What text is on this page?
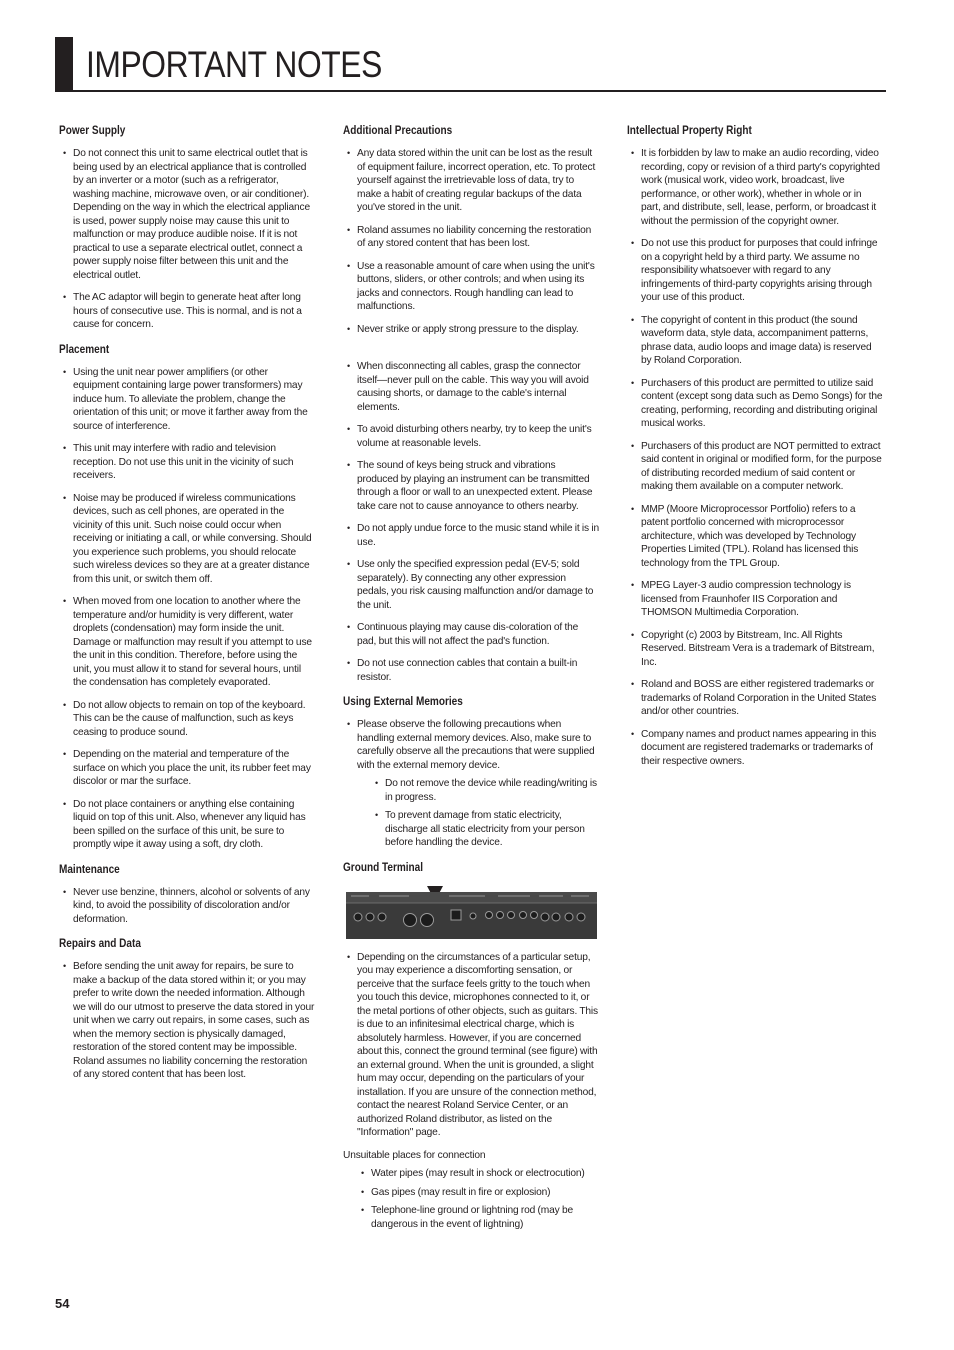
IMPORTANT NOTES
Power Supply
• Do not connect this unit to same electrical outlet that is being used by an electrical appliance that is controlled by an inverter or a motor (such as a refrigerator, washing machine, microwave oven, or air conditioner). Depending on the way in which the electrical appliance is used, power supply noise may cause this unit to malfunction or may produce audible noise. If it is not practical to use a separate electrical outlet, connect a power supply noise filter between this unit and the electrical outlet.
• The AC adaptor will begin to generate heat after long hours of consecutive use. This is normal, and is not a cause for concern.
Placement
• Using the unit near power amplifiers (or other equipment containing large power transformers) may induce hum. To alleviate the problem, change the orientation of this unit; or move it farther away from the source of interference.
• This unit may interfere with radio and television reception. Do not use this unit in the vicinity of such receivers.
• Noise may be produced if wireless communications devices, such as cell phones, are operated in the vicinity of this unit. Such noise could occur when receiving or initiating a call, or while conversing. Should you experience such problems, you should relocate such wireless devices so they are at a greater distance from this unit, or switch them off.
• When moved from one location to another where the temperature and/or humidity is very different, water droplets (condensation) may form inside the unit. Damage or malfunction may result if you attempt to use the unit in this condition. Therefore, before using the unit, you must allow it to stand for several hours, until the condensation has completely evaporated.
• Do not allow objects to remain on top of the keyboard. This can be the cause of malfunction, such as keys ceasing to produce sound.
• Depending on the material and temperature of the surface on which you place the unit, its rubber feet may discolor or mar the surface.
• Do not place containers or anything else containing liquid on top of this unit. Also, whenever any liquid has been spilled on the surface of this unit, be sure to promptly wipe it away using a soft, dry cloth.
Maintenance
• Never use benzine, thinners, alcohol or solvents of any kind, to avoid the possibility of discoloration and/or deformation.
Repairs and Data
• Before sending the unit away for repairs, be sure to make a backup of the data stored within it; or you may prefer to write down the needed information. Although we will do our utmost to preserve the data stored in your unit when we carry out repairs, in some cases, such as when the memory section is physically damaged, restoration of the stored content may be impossible. Roland assumes no liability concerning the restoration of any stored content that has been lost.
Additional Precautions
• Any data stored within the unit can be lost as the result of equipment failure, incorrect operation, etc. To protect yourself against the irretrievable loss of data, try to make a habit of creating regular backups of the data you've stored in the unit.
• Roland assumes no liability concerning the restoration of any stored content that has been lost.
• Use a reasonable amount of care when using the unit's buttons, sliders, or other controls; and when using its jacks and connectors. Rough handling can lead to malfunctions.
• Never strike or apply strong pressure to the display.
• When disconnecting all cables, grasp the connector itself—never pull on the cable. This way you will avoid causing shorts, or damage to the cable's internal elements.
• To avoid disturbing others nearby, try to keep the unit's volume at reasonable levels.
• The sound of keys being struck and vibrations produced by playing an instrument can be transmitted through a floor or wall to an unexpected extent. Please take care not to cause annoyance to others nearby.
• Do not apply undue force to the music stand while it is in use.
• Use only the specified expression pedal (EV-5; sold separately). By connecting any other expression pedals, you risk causing malfunction and/or damage to the unit.
• Continuous playing may cause dis-coloration of the pad, but this will not affect the pad's function.
• Do not use connection cables that contain a built-in resistor.
Using External Memories
• Please observe the following precautions when handling external memory devices. Also, make sure to carefully observe all the precautions that were supplied with the external memory device.
• Do not remove the device while reading/writing is in progress.
• To prevent damage from static electricity, discharge all static electricity from your person before handling the device.
Ground Terminal
• Depending on the circumstances of a particular setup, you may experience a discomforting sensation, or perceive that the surface feels gritty to the touch when you touch this device, microphones connected to it, or the metal portions of other objects, such as guitars. This is due to an infinitesimal electrical charge, which is absolutely harmless. However, if you are concerned about this, connect the ground terminal (see figure) with an external ground. When the unit is grounded, a slight hum may occur, depending on the particulars of your installation. If you are unsure of the connection method, contact the nearest Roland Service Center, or an authorized Roland distributor, as listed on the "Information" page.

Unsuitable places for connection

• Water pipes (may result in shock or electrocution)
• Gas pipes (may result in fire or explosion)
• Telephone-line ground or lightning rod (may be dangerous in the event of lightning)
Intellectual Property Right
• It is forbidden by law to make an audio recording, video recording, copy or revision of a third party's copyrighted work (musical work, video work, broadcast, live performance, or other work), whether in whole or in part, and distribute, sell, lease, perform, or broadcast it without the permission of the copyright owner.
• Do not use this product for purposes that could infringe on a copyright held by a third party. We assume no responsibility whatsoever with regard to any infringements of third-party copyrights arising through your use of this product.
• The copyright of content in this product (the sound waveform data, style data, accompaniment patterns, phrase data, audio loops and image data) is reserved by Roland Corporation.
• Purchasers of this product are permitted to utilize said content (except song data such as Demo Songs) for the creating, performing, recording and distributing original musical works.
• Purchasers of this product are NOT permitted to extract said content in original or modified form, for the purpose of distributing recorded medium of said content or making them available on a computer network.
• MMP (Moore Microprocessor Portfolio) refers to a patent portfolio concerned with microprocessor architecture, which was developed by Technology Properties Limited (TPL). Roland has licensed this technology from the TPL Group.
• MPEG Layer-3 audio compression technology is licensed from Fraunhofer IIS Corporation and THOMSON Multimedia Corporation.
• Copyright (c) 2003 by Bitstream, Inc. All Rights Reserved. Bitstream Vera is a trademark of Bitstream, Inc.
• Roland and BOSS are either registered trademarks or trademarks of Roland Corporation in the United States and/or other countries.
• Company names and product names appearing in this document are registered trademarks or trademarks of their respective owners.
54
